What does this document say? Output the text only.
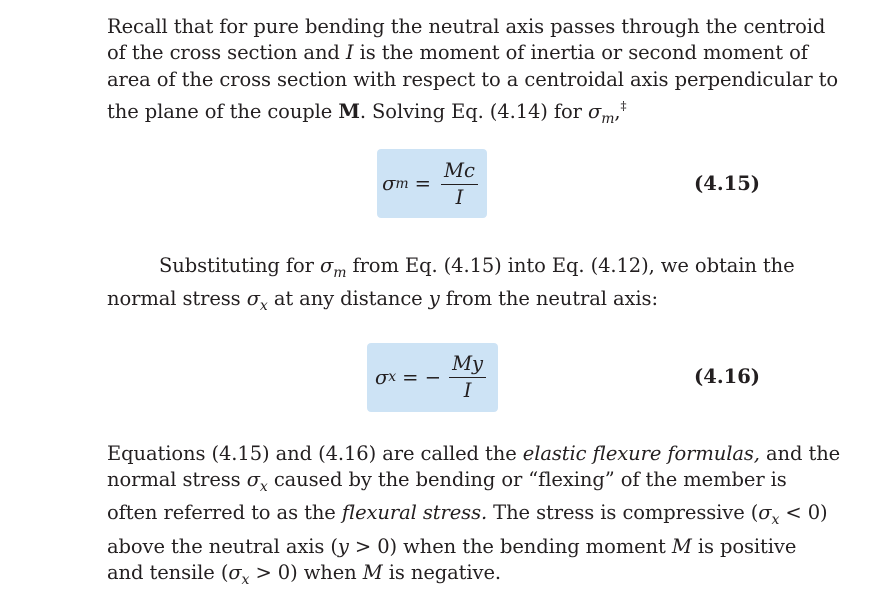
Recall that for pure bending the neutral axis passes through the centroid
of the cross section and I is the moment of inertia or second moment of
area of the cross section with respect to a centroidal axis perpendicular to
the plane of the couple M. Solving Eq. (4.14) for $\sigma_m,^\ddagger$

σ $m = \frac{Mc}{I}$	(4.15)

Substituting for $\sigma_m$ from Eq. (4.15) into Eq. (4.12), we obtain the
normal stress $\sigma_x$ at any distance y from the neutral axis:

σ x = − $\frac{My}{I}$	(4.16)

Equations (4.15) and (4.16) are called the elastic flexure formulas, and the
normal stress $\sigma_x$ caused by the bending or “flexing” of the member is
often referred to as the flexural stress. The stress is compressive $(\sigma_x < 0)$
above the neutral axis (y > 0) when the bending moment M is positive
and tensile $(\sigma_x > 0)$ when M is negative.
